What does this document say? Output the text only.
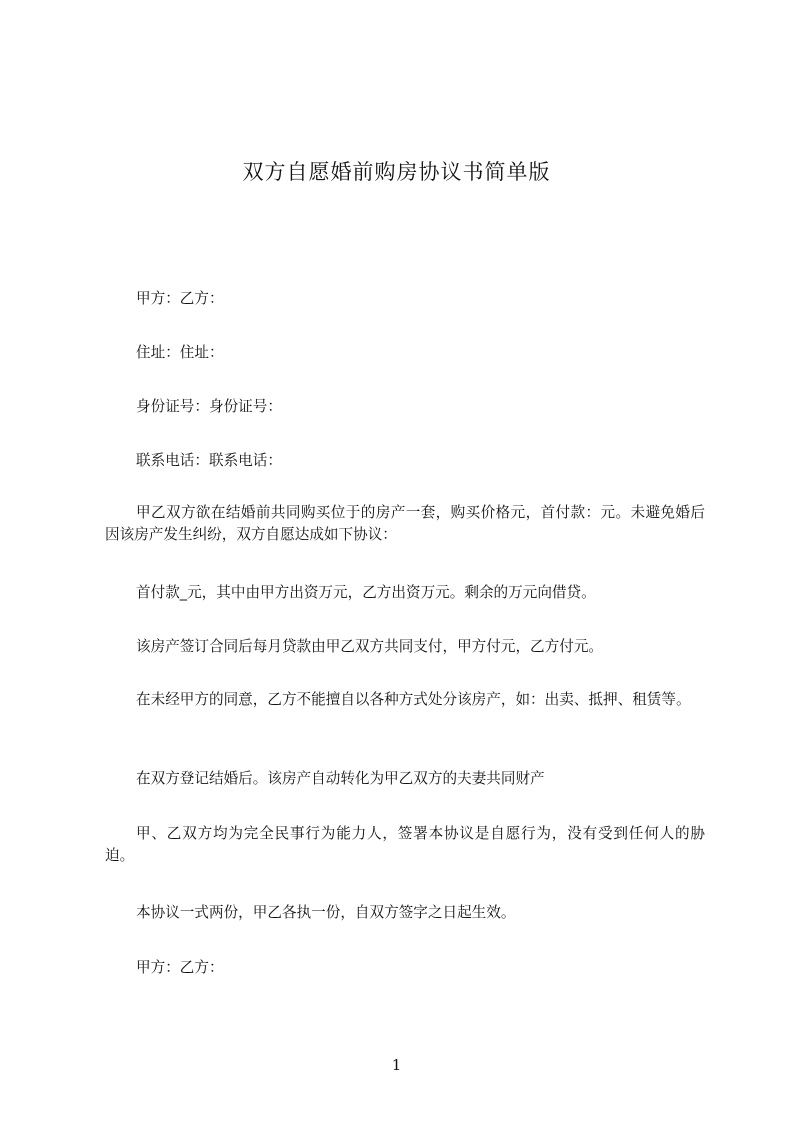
双方自愿婚前购房协议书简单版

甲方：乙方：

住址：住址：

身份证号：身份证号：

联系电话：联系电话：

甲乙双方欲在结婚前共同购买位于的房产一套，购买价格元，首付款：元。未避免婚后因该房产发生纠纷，双方自愿达成如下协议：

首付款_元，其中由甲方出资万元，乙方出资万元。剩余的万元向借贷。

该房产签订合同后每月贷款由甲乙双方共同支付，甲方付元，乙方付元。

在未经甲方的同意，乙方不能擅自以各种方式处分该房产，如：出卖、抵押、租赁等。

在双方登记结婚后。该房产自动转化为甲乙双方的夫妻共同财产

甲、乙双方均为完全民事行为能力人，签署本协议是自愿行为，没有受到任何人的胁迫。

本协议一式两份，甲乙各执一份，自双方签字之日起生效。

甲方：乙方：

1
